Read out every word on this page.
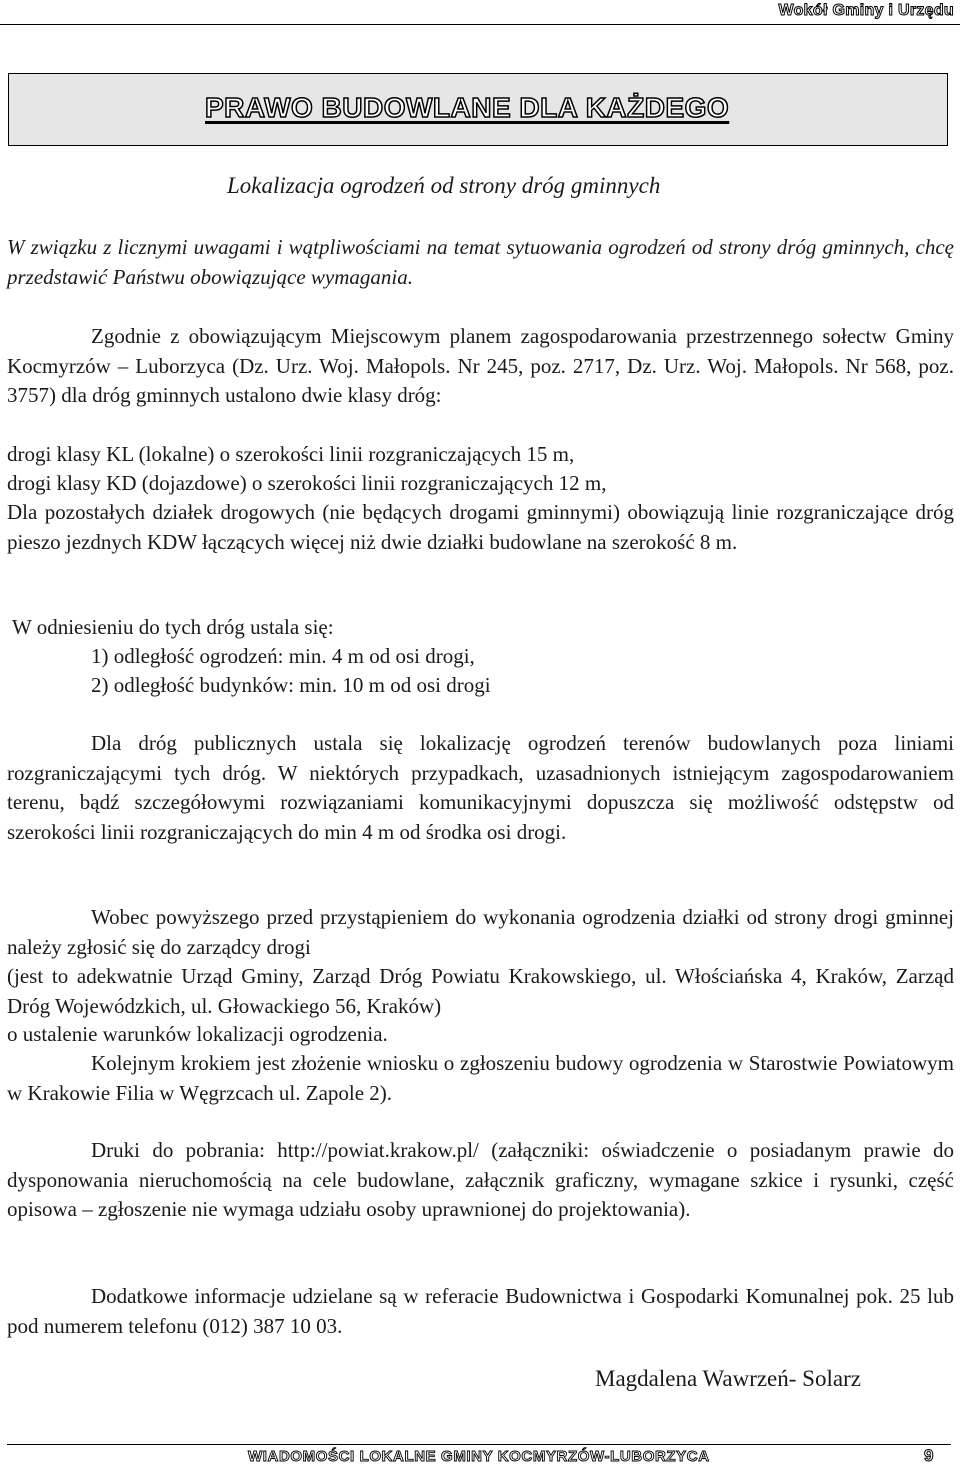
Wokół Gminy i Urzędu
PRAWO BUDOWLANE DLA KAŻDEGO
Lokalizacja ogrodzeń od strony dróg gminnych

W związku z licznymi uwagami i wątpliwościami na temat sytuowania ogrodzeń od strony dróg gminnych, chcę przedstawić Państwu obowiązujące wymagania.

Zgodnie z obowiązującym Miejscowym planem zagospodarowania przestrzennego sołectw Gminy Kocmyrzów – Luborzyca (Dz. Urz. Woj. Małopols. Nr 245, poz. 2717, Dz. Urz. Woj. Małopols. Nr 568, poz. 3757) dla dróg gminnych ustalono dwie klasy dróg:

drogi klasy KL (lokalne) o szerokości linii rozgraniczających 15 m,

drogi klasy KD (dojazdowe) o szerokości linii rozgraniczających 12 m,

Dla pozostałych działek drogowych (nie będących drogami gminnymi) obowiązują linie rozgraniczające dróg pieszo jezdnych KDW łączących więcej niż dwie działki budowlane na szerokość 8 m.

W odniesieniu do tych dróg ustala się:

1) odległość ogrodzeń: min. 4 m od osi drogi,

2) odległość budynków: min. 10 m od osi drogi

Dla dróg publicznych ustala się lokalizację ogrodzeń terenów budowlanych poza liniami rozgraniczającymi tych dróg. W niektórych przypadkach, uzasadnionych istniejącym zagospodarowaniem terenu, bądź szczegółowymi rozwiązaniami komunikacyjnymi dopuszcza się możliwość odstępstw od szerokości linii rozgraniczających do min 4 m od środka osi drogi.

Wobec powyższego przed przystąpieniem do wykonania ogrodzenia działki od strony drogi gminnej należy zgłosić się do zarządcy drogi

(jest to adekwatnie Urząd Gminy, Zarząd Dróg Powiatu Krakowskiego, ul. Włościańska 4, Kraków, Zarząd Dróg Wojewódzkich, ul. Głowackiego 56, Kraków)

o ustalenie warunków lokalizacji ogrodzenia.

Kolejnym krokiem jest złożenie wniosku o zgłoszeniu budowy ogrodzenia w Starostwie Powiatowym w Krakowie Filia w Węgrzcach ul. Zapole 2).

Druki do pobrania: http://powiat.krakow.pl/ (załączniki: oświadczenie o posiadanym prawie do dysponowania nieruchomością na cele budowlane, załącznik graficzny, wymagane szkice i rysunki, część opisowa – zgłoszenie nie wymaga udziału osoby uprawnionej do projektowania).

Dodatkowe informacje udzielane są w referacie Budownictwa i Gospodarki Komunalnej pok. 25 lub pod numerem telefonu (012) 387 10 03.

Magdalena Wawrzeń- Solarz
WIADOMOŚCI LOKALNE GMINY KOCMYRZÓW-LUBORZYCA	9
